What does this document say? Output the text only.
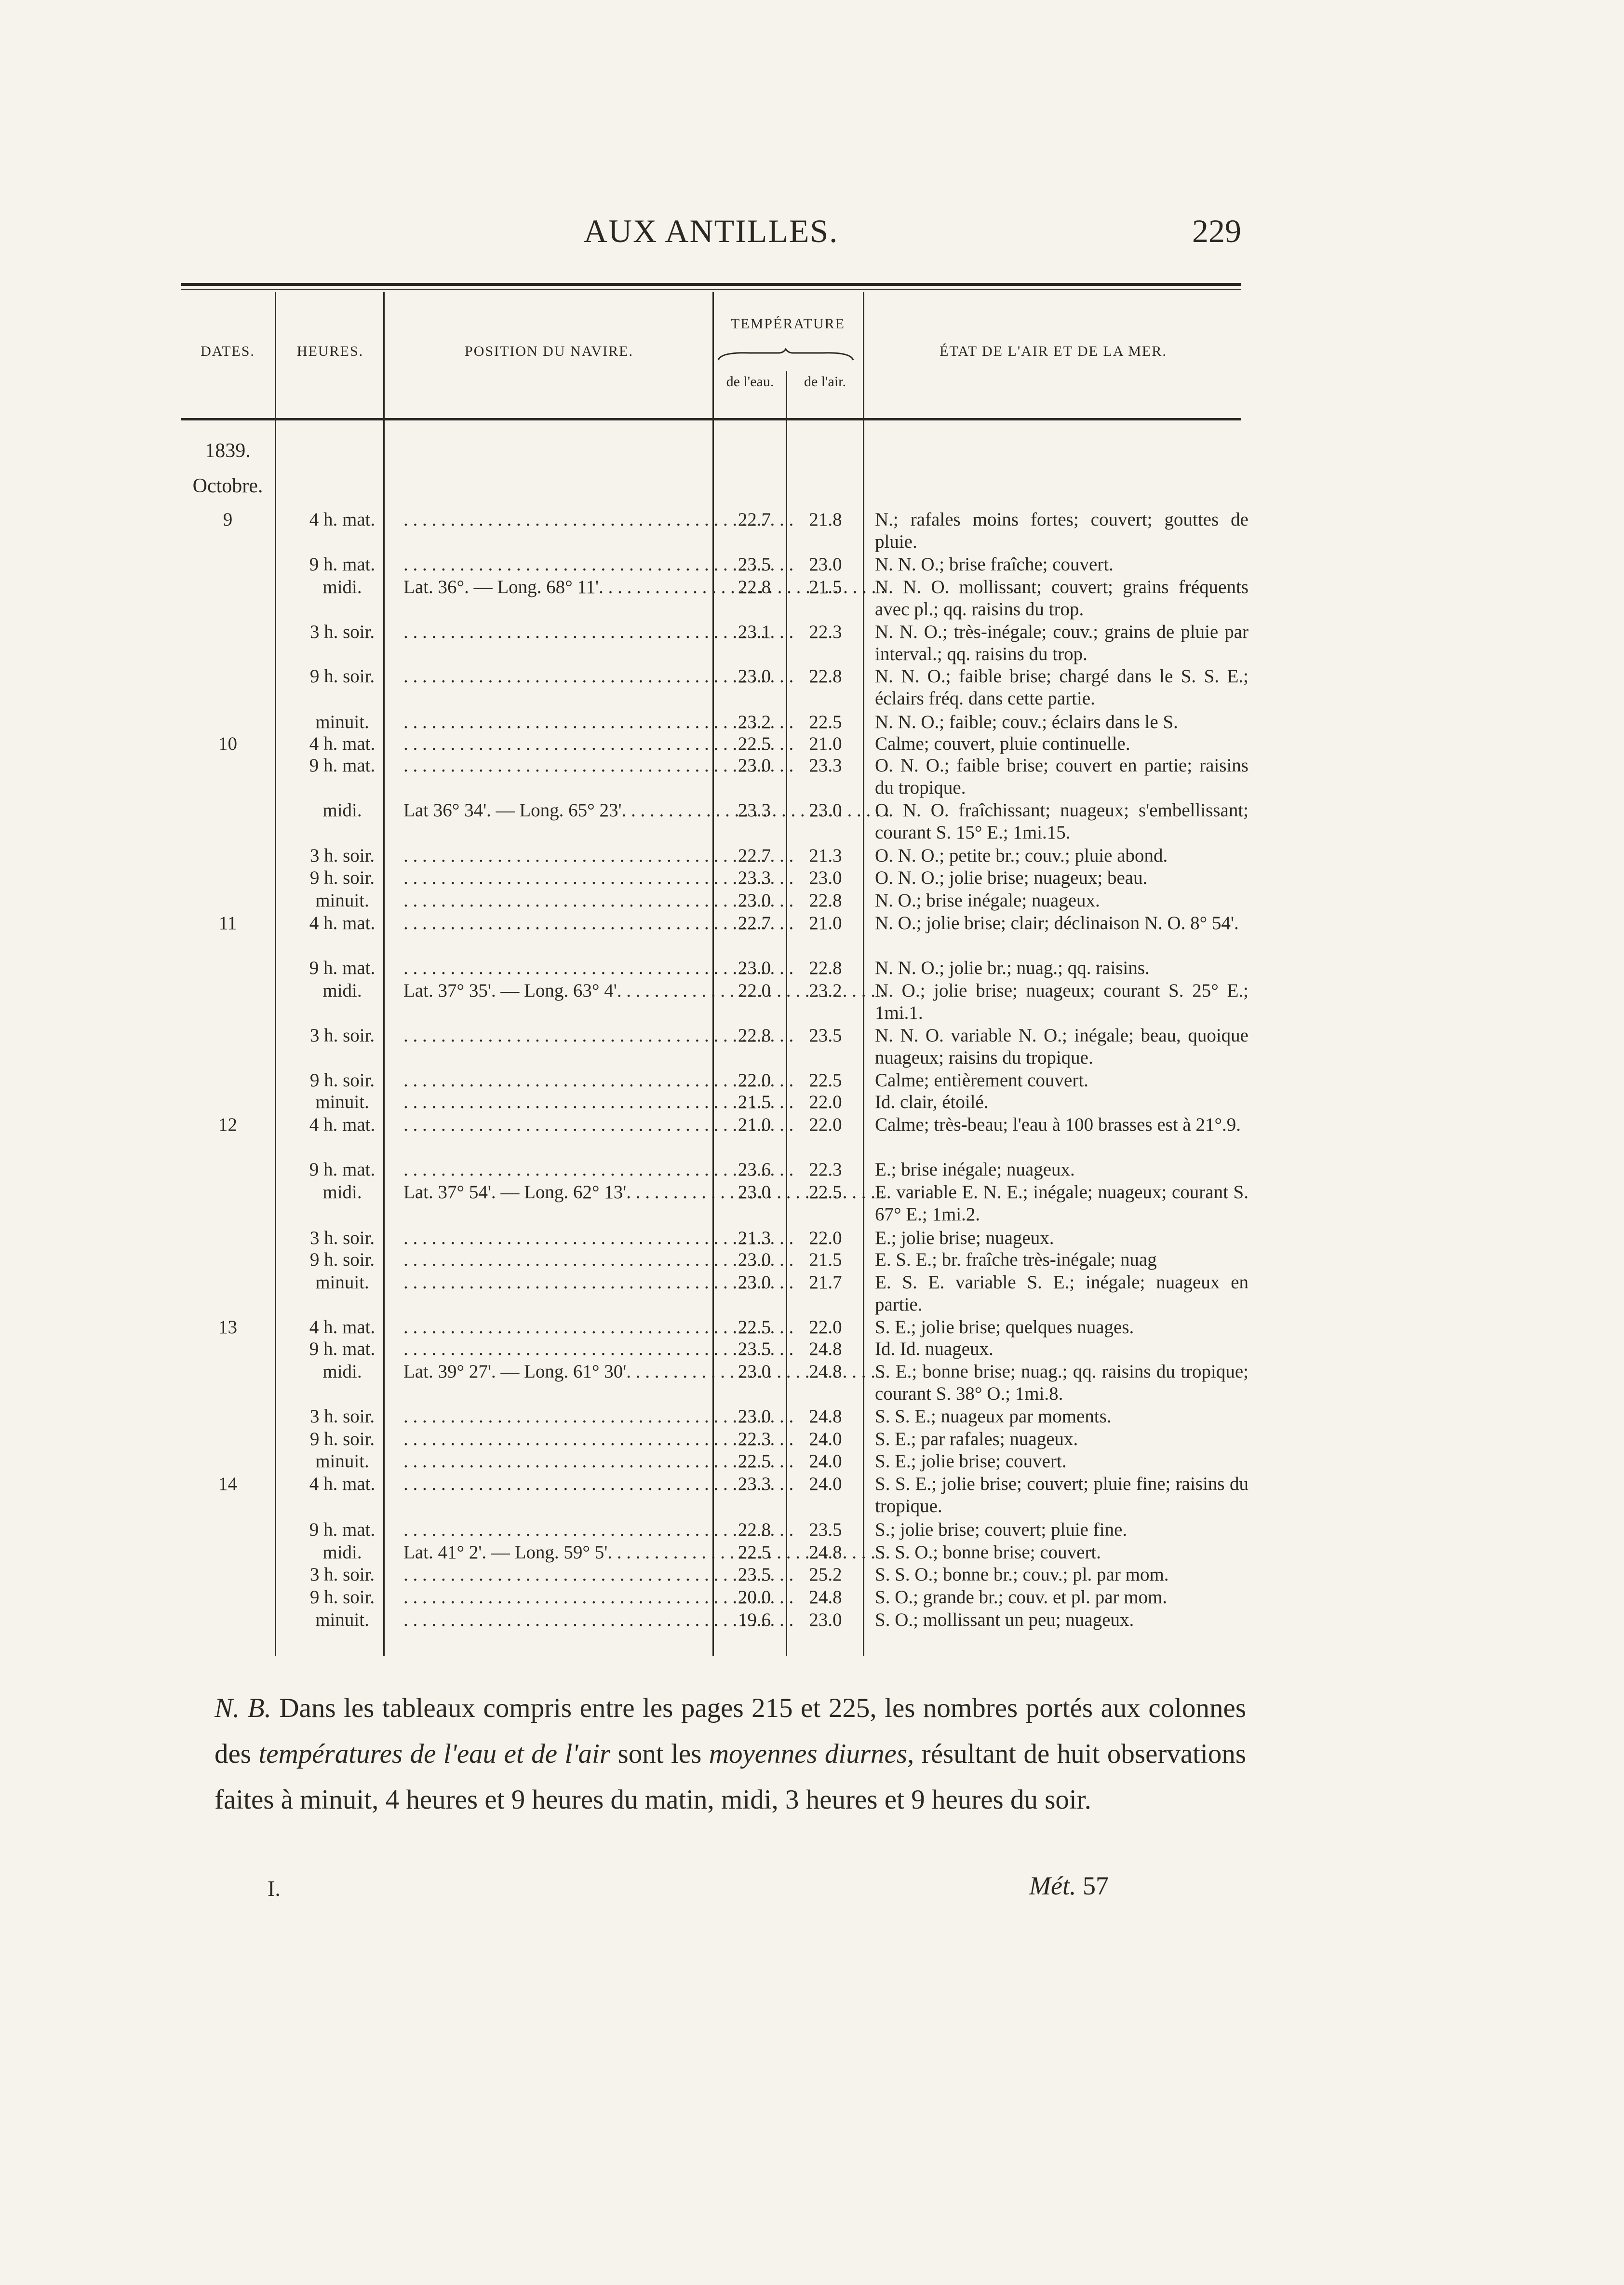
AUX ANTILLES.	229
DATES.	HEURES.	POSITION DU NAVIRE.
TEMPÉRATURE
de l'eau.	de l'air.
ÉTAT DE L'AIR ET DE LA MER.
1839.
Octobre.
9	4 h. mat. . . .	22.7	21.8	N.; rafales moins fortes; couvert; gouttes de pluie.
9 h. mat. . . .	23.5	23.0	N. N. O.; brise fraîche; couvert.
midi.	Lat. 36°. — Long. 68° 11'. . . . . .	22.8	21.5	N. N. O. mollissant; couvert; grains fréquents avec pl.; qq. raisins du trop.
3 h. soir. . . .	23.1	22.3	N. N. O.; très-inégale; couv.; grains de pluie par interval.; qq. raisins du trop.
9 h. soir. . . .	23.0	22.8	N. N. O.; faible brise; chargé dans le S. S. E.; éclairs fréq. dans cette partie.
minuit. . . .	23.2	22.5	N. N. O.; faible; couv.; éclairs dans le S.
10	4 h. mat. . . .	22.5	21.0	Calme; couvert, pluie continuelle.
9 h. mat. . . .	23.0	23.3	O. N. O.; faible brise; couvert en partie; raisins du tropique.
midi.	Lat 36° 34'. — Long. 65° 23'. . . .	23.3	23.0	O. N. O. fraîchissant; nuageux; s'embellissant; courant S. 15° E.; 1mi.15.
3 h. soir. . . .	22.7	21.3	O. N. O.; petite br.; couv.; pluie abond.
9 h. soir. . . .	23.3	23.0	O. N. O.; jolie brise; nuageux; beau.
minuit. . . .	23.0	22.8	N. O.; brise inégale; nuageux.
11	4 h. mat. . . .	22.7	21.0	N. O.; jolie brise; clair; déclinaison N. O. 8° 54'.
9 h. mat. . . .	23.0	22.8	N. N. O.; jolie br.; nuag.; qq. raisins.
midi.	Lat. 37° 35'. — Long. 63° 4'. . . .	22.0	23.2	N. O.; jolie brise; nuageux; courant S. 25° E.; 1mi.1.
3 h. soir. . . .	22.8	23.5	N. N. O. variable N. O.; inégale; beau, quoique nuageux; raisins du tropique.
9 h. soir. . . .	22.0	22.5	Calme; entièrement couvert.
minuit. . . .	21.5	22.0	Id. clair, étoilé.
12	4 h. mat. . . .	21.0	22.0	Calme; très-beau; l'eau à 100 brasses est à 21°.9.
9 h. mat. . . .	23.6	22.3	E.; brise inégale; nuageux.
midi.	Lat. 37° 54'. — Long. 62° 13'. . . .	23.0	22.5	E. variable E. N. E.; inégale; nuageux; courant S. 67° E.; 1mi.2.
3 h. soir. . . .	21.3	22.0	E.; jolie brise; nuageux.
9 h. soir. . . .	23.0	21.5	E. S. E.; br. fraîche très-inégale; nuag
minuit. . . .	23.0	21.7	E. S. E. variable S. E.; inégale; nuageux en partie.
13	4 h. mat. . . .	22.5	22.0	S. E.; jolie brise; quelques nuages.
9 h. mat. . . .	23.5	24.8	Id. Id. nuageux.
midi.	Lat. 39° 27'. — Long. 61° 30'. . . .	23.0	24.8	S. E.; bonne brise; nuag.; qq. raisins du tropique; courant S. 38° O.; 1mi.8.
3 h. soir. . . .	23.0	24.8	S. S. E.; nuageux par moments.
9 h. soir. . . .	22.3	24.0	S. E.; par rafales; nuageux.
minuit. . . .	22.5	24.0	S. E.; jolie brise; couvert.
14	4 h. mat. . . .	23.3	24.0	S. S. E.; jolie brise; couvert; pluie fine; raisins du tropique.
9 h. mat. . . .	22.8	23.5	S.; jolie brise; couvert; pluie fine.
midi.	Lat. 41° 2'. — Long. 59° 5'. . . . .	22.5	24.8	S. S. O.; bonne brise; couvert.
3 h. soir. . . .	23.5	25.2	S. S. O.; bonne br.; couv.; pl. par mom.
9 h. soir. . . .	20.0	24.8	S. O.; grande br.; couv. et pl. par mom.
minuit. . . .	19.6	23.0	S. O.; mollissant un peu; nuageux.
N. B. Dans les tableaux compris entre les pages 215 et 225, les nombres portés aux colonnes des températures de l'eau et de l'air sont les moyennes diurnes, résultant de huit observations faites à minuit, 4 heures et 9 heures du matin, midi, 3 heures et 9 heures du soir.
I.	Mét. 57
